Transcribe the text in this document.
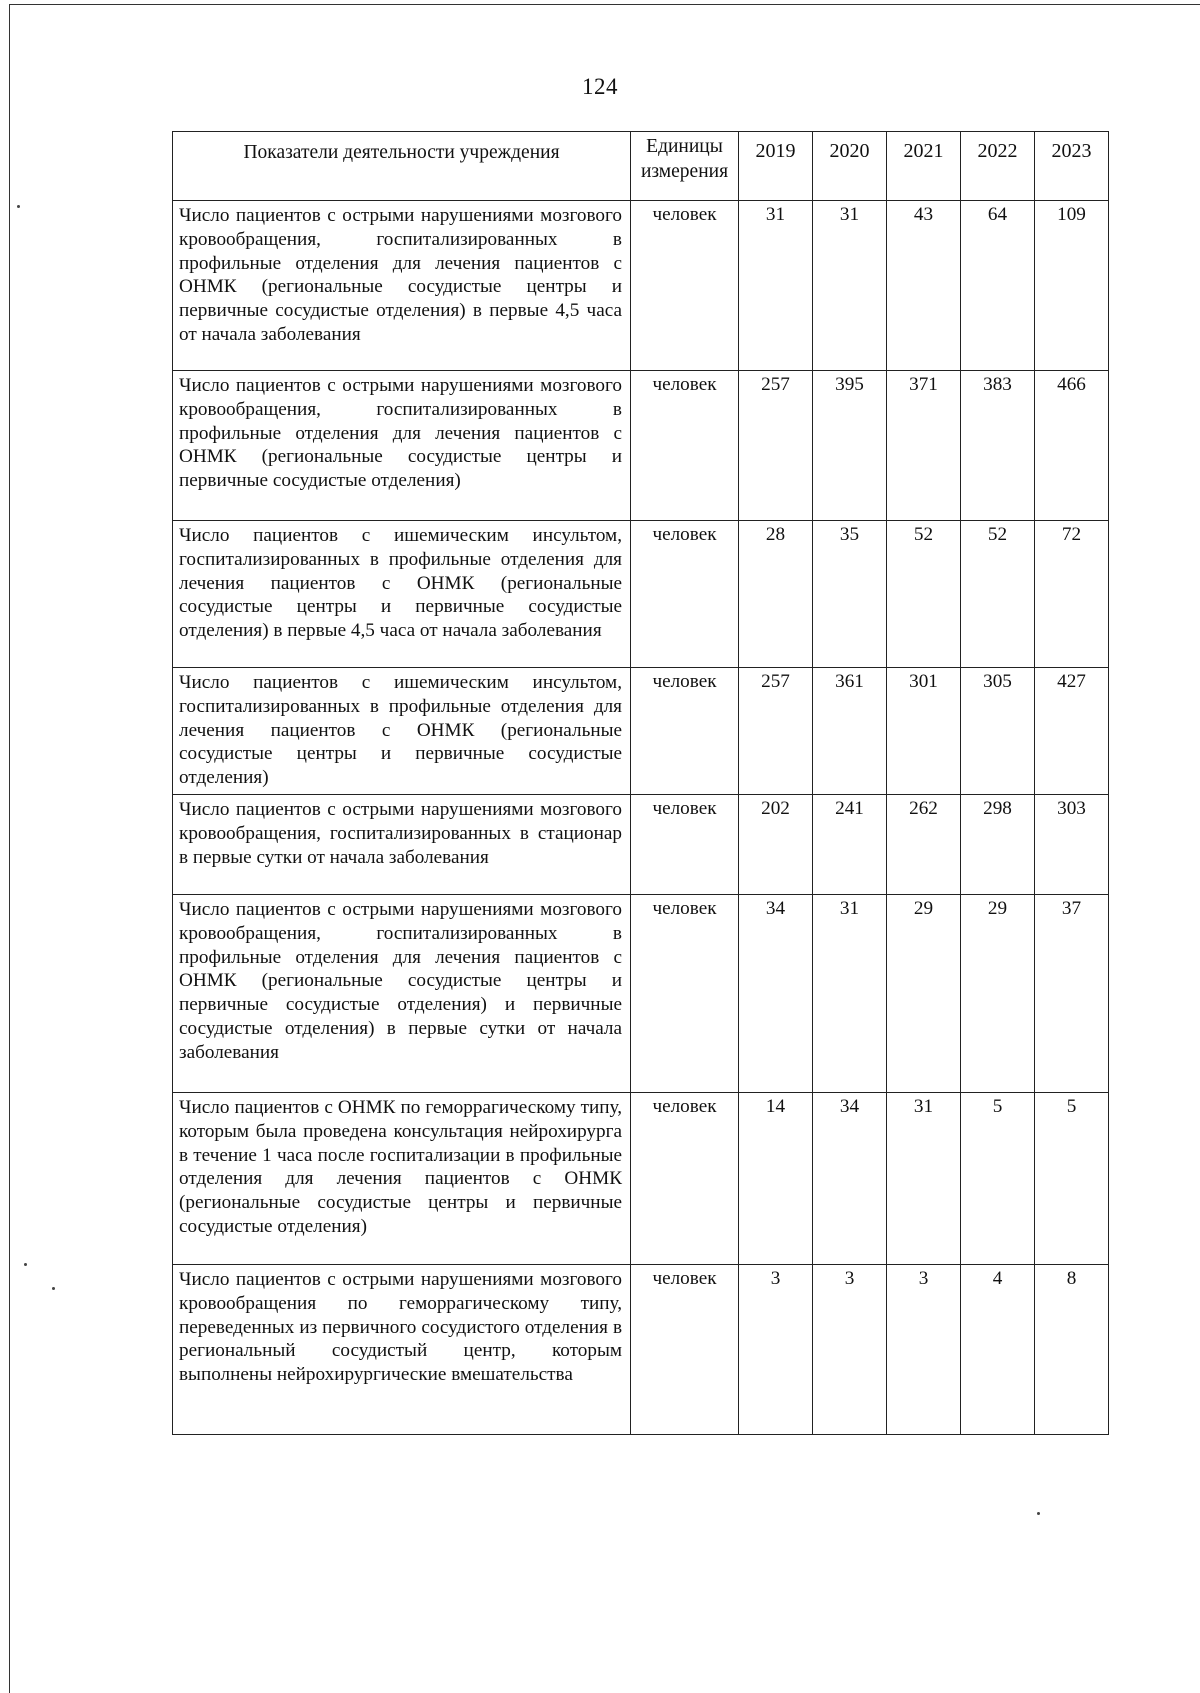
124
Показатели деятельности учреждения	Единицы измерения	2019	2020	2021	2022	2023
Число пациентов с острыми нарушениями мозгового кровообращения, госпитализированных в профильные отделения для лечения пациентов с ОНМК (региональные сосудистые центры и первичные сосудистые отделения) в первые 4,5 часа от начала заболевания	человек	31	31	43	64	109
Число пациентов с острыми нарушениями мозгового кровообращения, госпитализированных в профильные отделения для лечения пациентов с ОНМК (региональные сосудистые центры и первичные сосудистые отделения)	человек	257	395	371	383	466
Число пациентов с ишемическим инсультом, госпитализированных в профильные отделения для лечения пациентов с ОНМК (региональные сосудистые центры и первичные сосудистые отделения) в первые 4,5 часа от начала заболевания	человек	28	35	52	52	72
Число пациентов с ишемическим инсультом, госпитализированных в профильные отделения для лечения пациентов с ОНМК (региональные сосудистые центры и первичные сосудистые отделения)	человек	257	361	301	305	427
Число пациентов с острыми нарушениями мозгового кровообращения, госпитализированных в стационар в первые сутки от начала заболевания	человек	202	241	262	298	303
Число пациентов с острыми нарушениями мозгового кровообращения, госпитализированных в профильные отделения для лечения пациентов с ОНМК (региональные сосудистые центры и первичные сосудистые отделения) и первичные сосудистые отделения) в первые сутки от начала заболевания	человек	34	31	29	29	37
Число пациентов с ОНМК по геморрагическому типу, которым была проведена консультация нейрохирурга в течение 1 часа после госпитализации в профильные отделения для лечения пациентов с ОНМК (региональные сосудистые центры и первичные сосудистые отделения)	человек	14	34	31	5	5
Число пациентов с острыми нарушениями мозгового кровообращения по геморрагическому типу, переведенных из первичного сосудистого отделения в региональный сосудистый центр, которым выполнены нейрохирургические вмешательства	человек	3	3	3	4	8
